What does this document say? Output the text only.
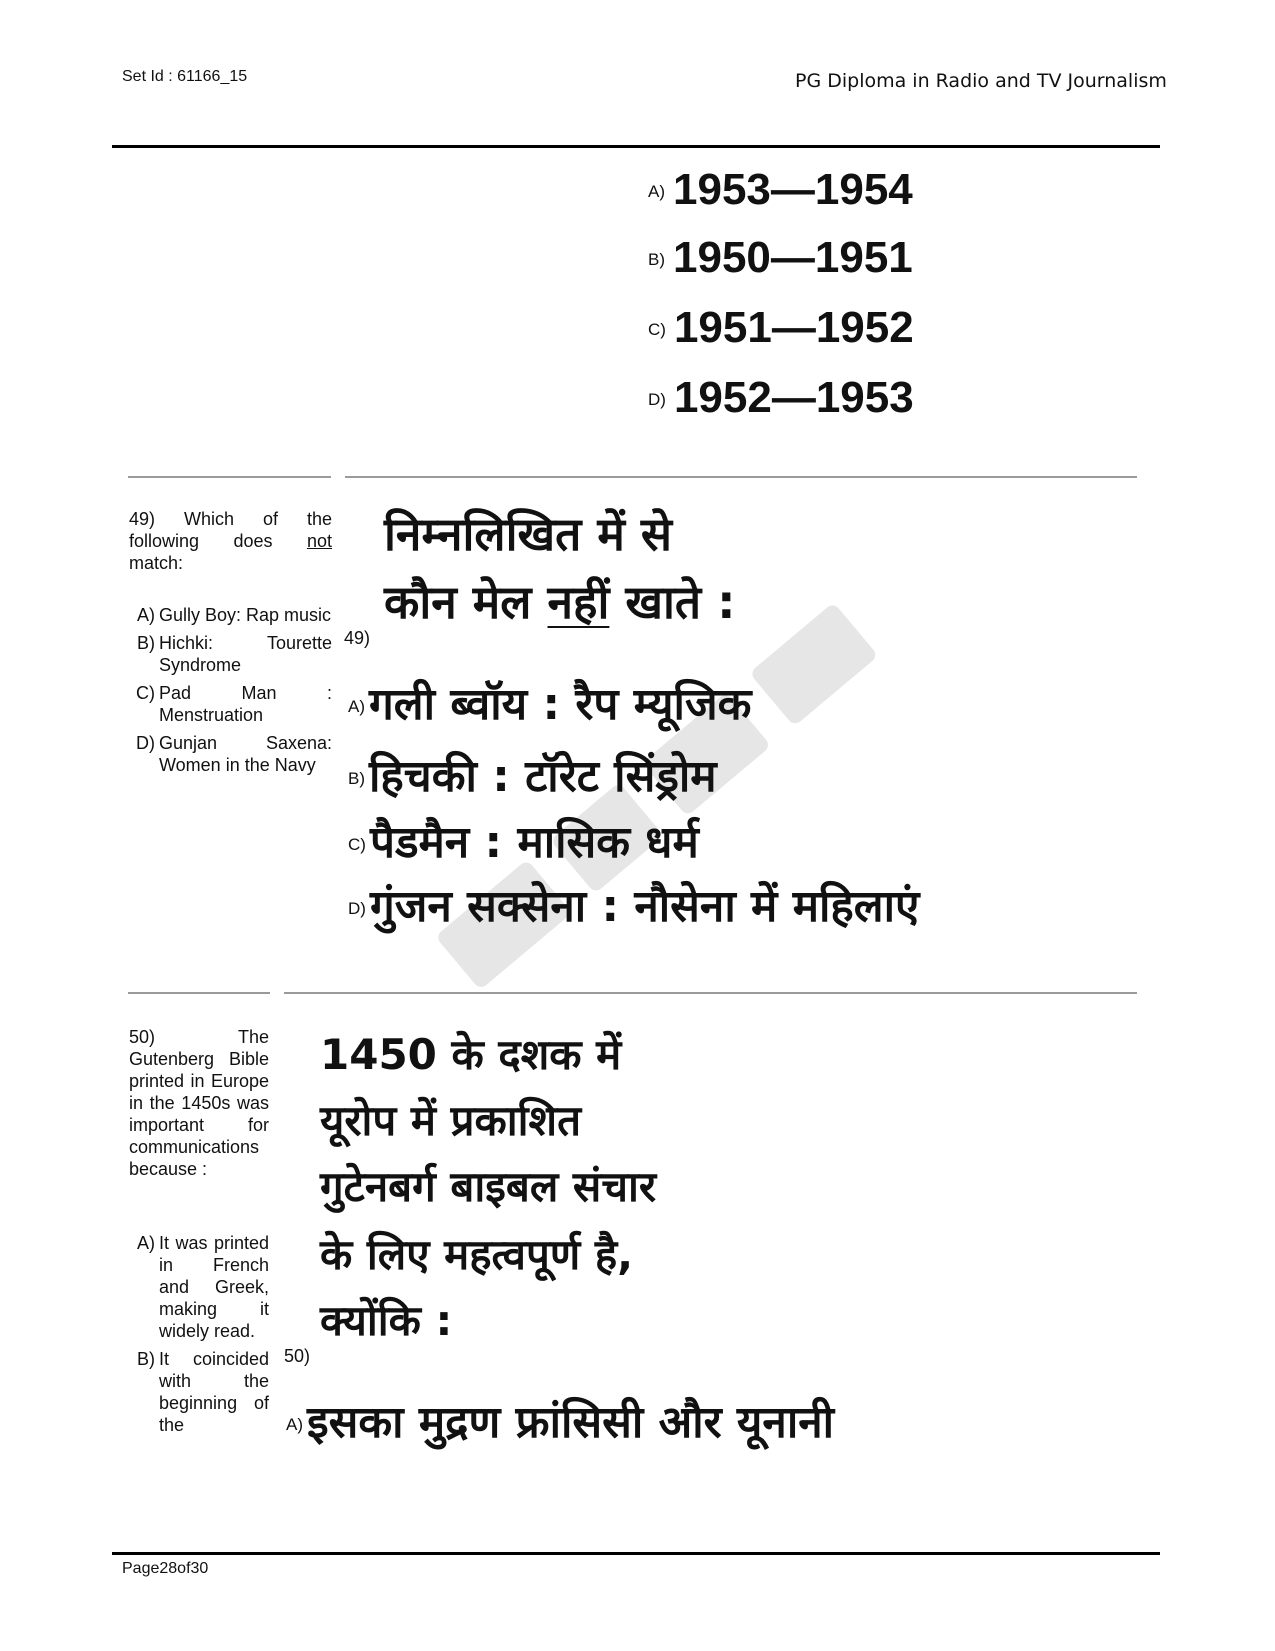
Set Id : 61166_15	PG Diploma in Radio and TV Journalism
A) 1953—1954
B) 1950—1951
C) 1951—1952
D) 1952—1953
49) Which of the following does not match:
A) Gully Boy: Rap music
B) Hichki: Tourette Syndrome
C) Pad Man : Menstruation
D) Gunjan Saxena: Women in the Navy
निम्नलिखित में से
कौन मेल नहीं खाते :
49)
A)गली ब्वॉय : रैप म्यूजिक
B)हिचकी : टॉरेट सिंड्रोम
C)पैडमैन : मासिक धर्म
D)गुंजन सक्सेना : नौसेना में महिलाएं
50) The Gutenberg Bible printed in Europe in the 1450s was important for communications because :
A) It was printed in French and Greek, making it widely read.
B) It coincided with the beginning of the
1450 के दशक में
यूरोप में प्रकाशित
गुटेनबर्ग बाइबल संचार
के लिए महत्वपूर्ण है,
क्योंकि :
50)
A)इसका मुद्रण फ्रांसिसी और यूनानी
Page28of30
